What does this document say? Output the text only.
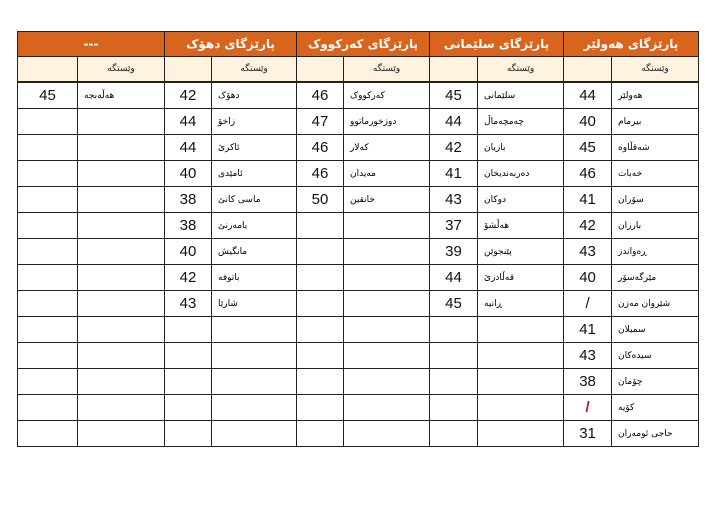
پارێزگای هەولێر		پارێزگای سلێمانی		پارێزگای کەرکووک		پارێزگای دهۆک		---	
وێستگە		وێستگە		وێستگە		وێستگە		وێستگە	
هەولێر	44	سلێمانی	45	کەرکووک	46	دهۆک	42	هەڵەبجە	45
بیرمام	40	چەمچەماڵ	44	دوزخورماتوو	47	زاخۆ	44		
شەقڵاوە	45	بازیان	42	کەلار	46	ئاکرێ	44		
خەبات	46	دەربەندیخان	41	مەیدان	46	ئامێدی	40		
سۆران	41	دوکان	43	خانقین	50	ماسی کانێ	38		
بارزان	42	هەڵشۆ	37			بامەرنێ	38		
ڕەواندز	43	پێنجوێن	39			مانگیش	40		
مێرگەسۆر	40	قەڵادزێ	44			باتوفە	42		
شێروان مەزن	/	ڕانیە	45			شارێا	43		
سمیلان	41								
سیدەکان	43								
چۆمان	38								
کۆیە	/								
حاجی ئومەران	31								
